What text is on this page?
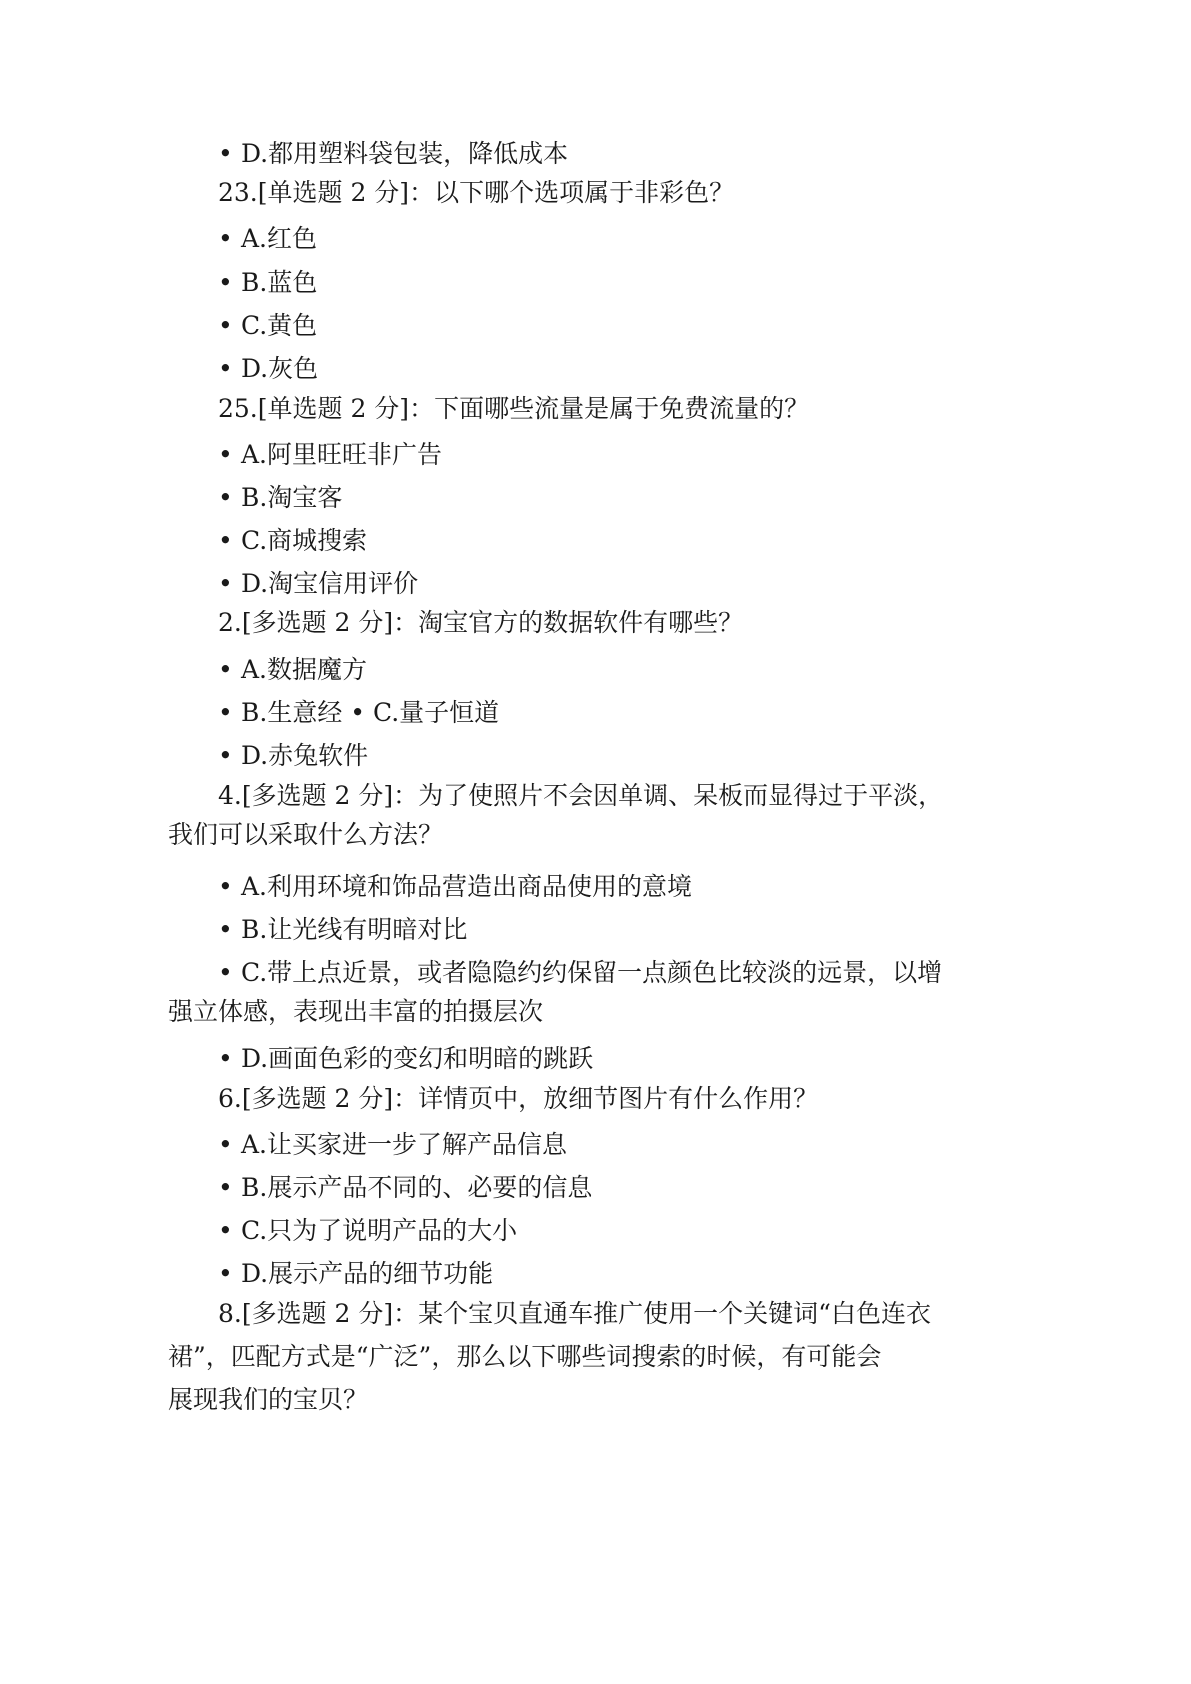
• D.都用塑料袋包装，降低成本
23.[单选题 2 分]：以下哪个选项属于非彩色？
• A.红色
• B.蓝色
• C.黄色
• D.灰色
25.[单选题 2 分]：下面哪些流量是属于免费流量的？
• A.阿里旺旺非广告
• B.淘宝客
• C.商城搜索
• D.淘宝信用评价
2.[多选题 2 分]：淘宝官方的数据软件有哪些？
• A.数据魔方
• B.生意经 • C.量子恒道
• D.赤兔软件
4.[多选题 2 分]：为了使照片不会因单调、呆板而显得过于平淡，
我们可以采取什么方法？
• A.利用环境和饰品营造出商品使用的意境
• B.让光线有明暗对比
• C.带上点近景，或者隐隐约约保留一点颜色比较淡的远景，以增
强立体感，表现出丰富的拍摄层次
• D.画面色彩的变幻和明暗的跳跃
6.[多选题 2 分]：详情页中，放细节图片有什么作用？
• A.让买家进一步了解产品信息
• B.展示产品不同的、必要的信息
• C.只为了说明产品的大小
• D.展示产品的细节功能
8.[多选题 2 分]：某个宝贝直通车推广使用一个关键词“白色连衣
裙”，匹配方式是“广泛”，那么以下哪些词搜索的时候，有可能会
展现我们的宝贝？
